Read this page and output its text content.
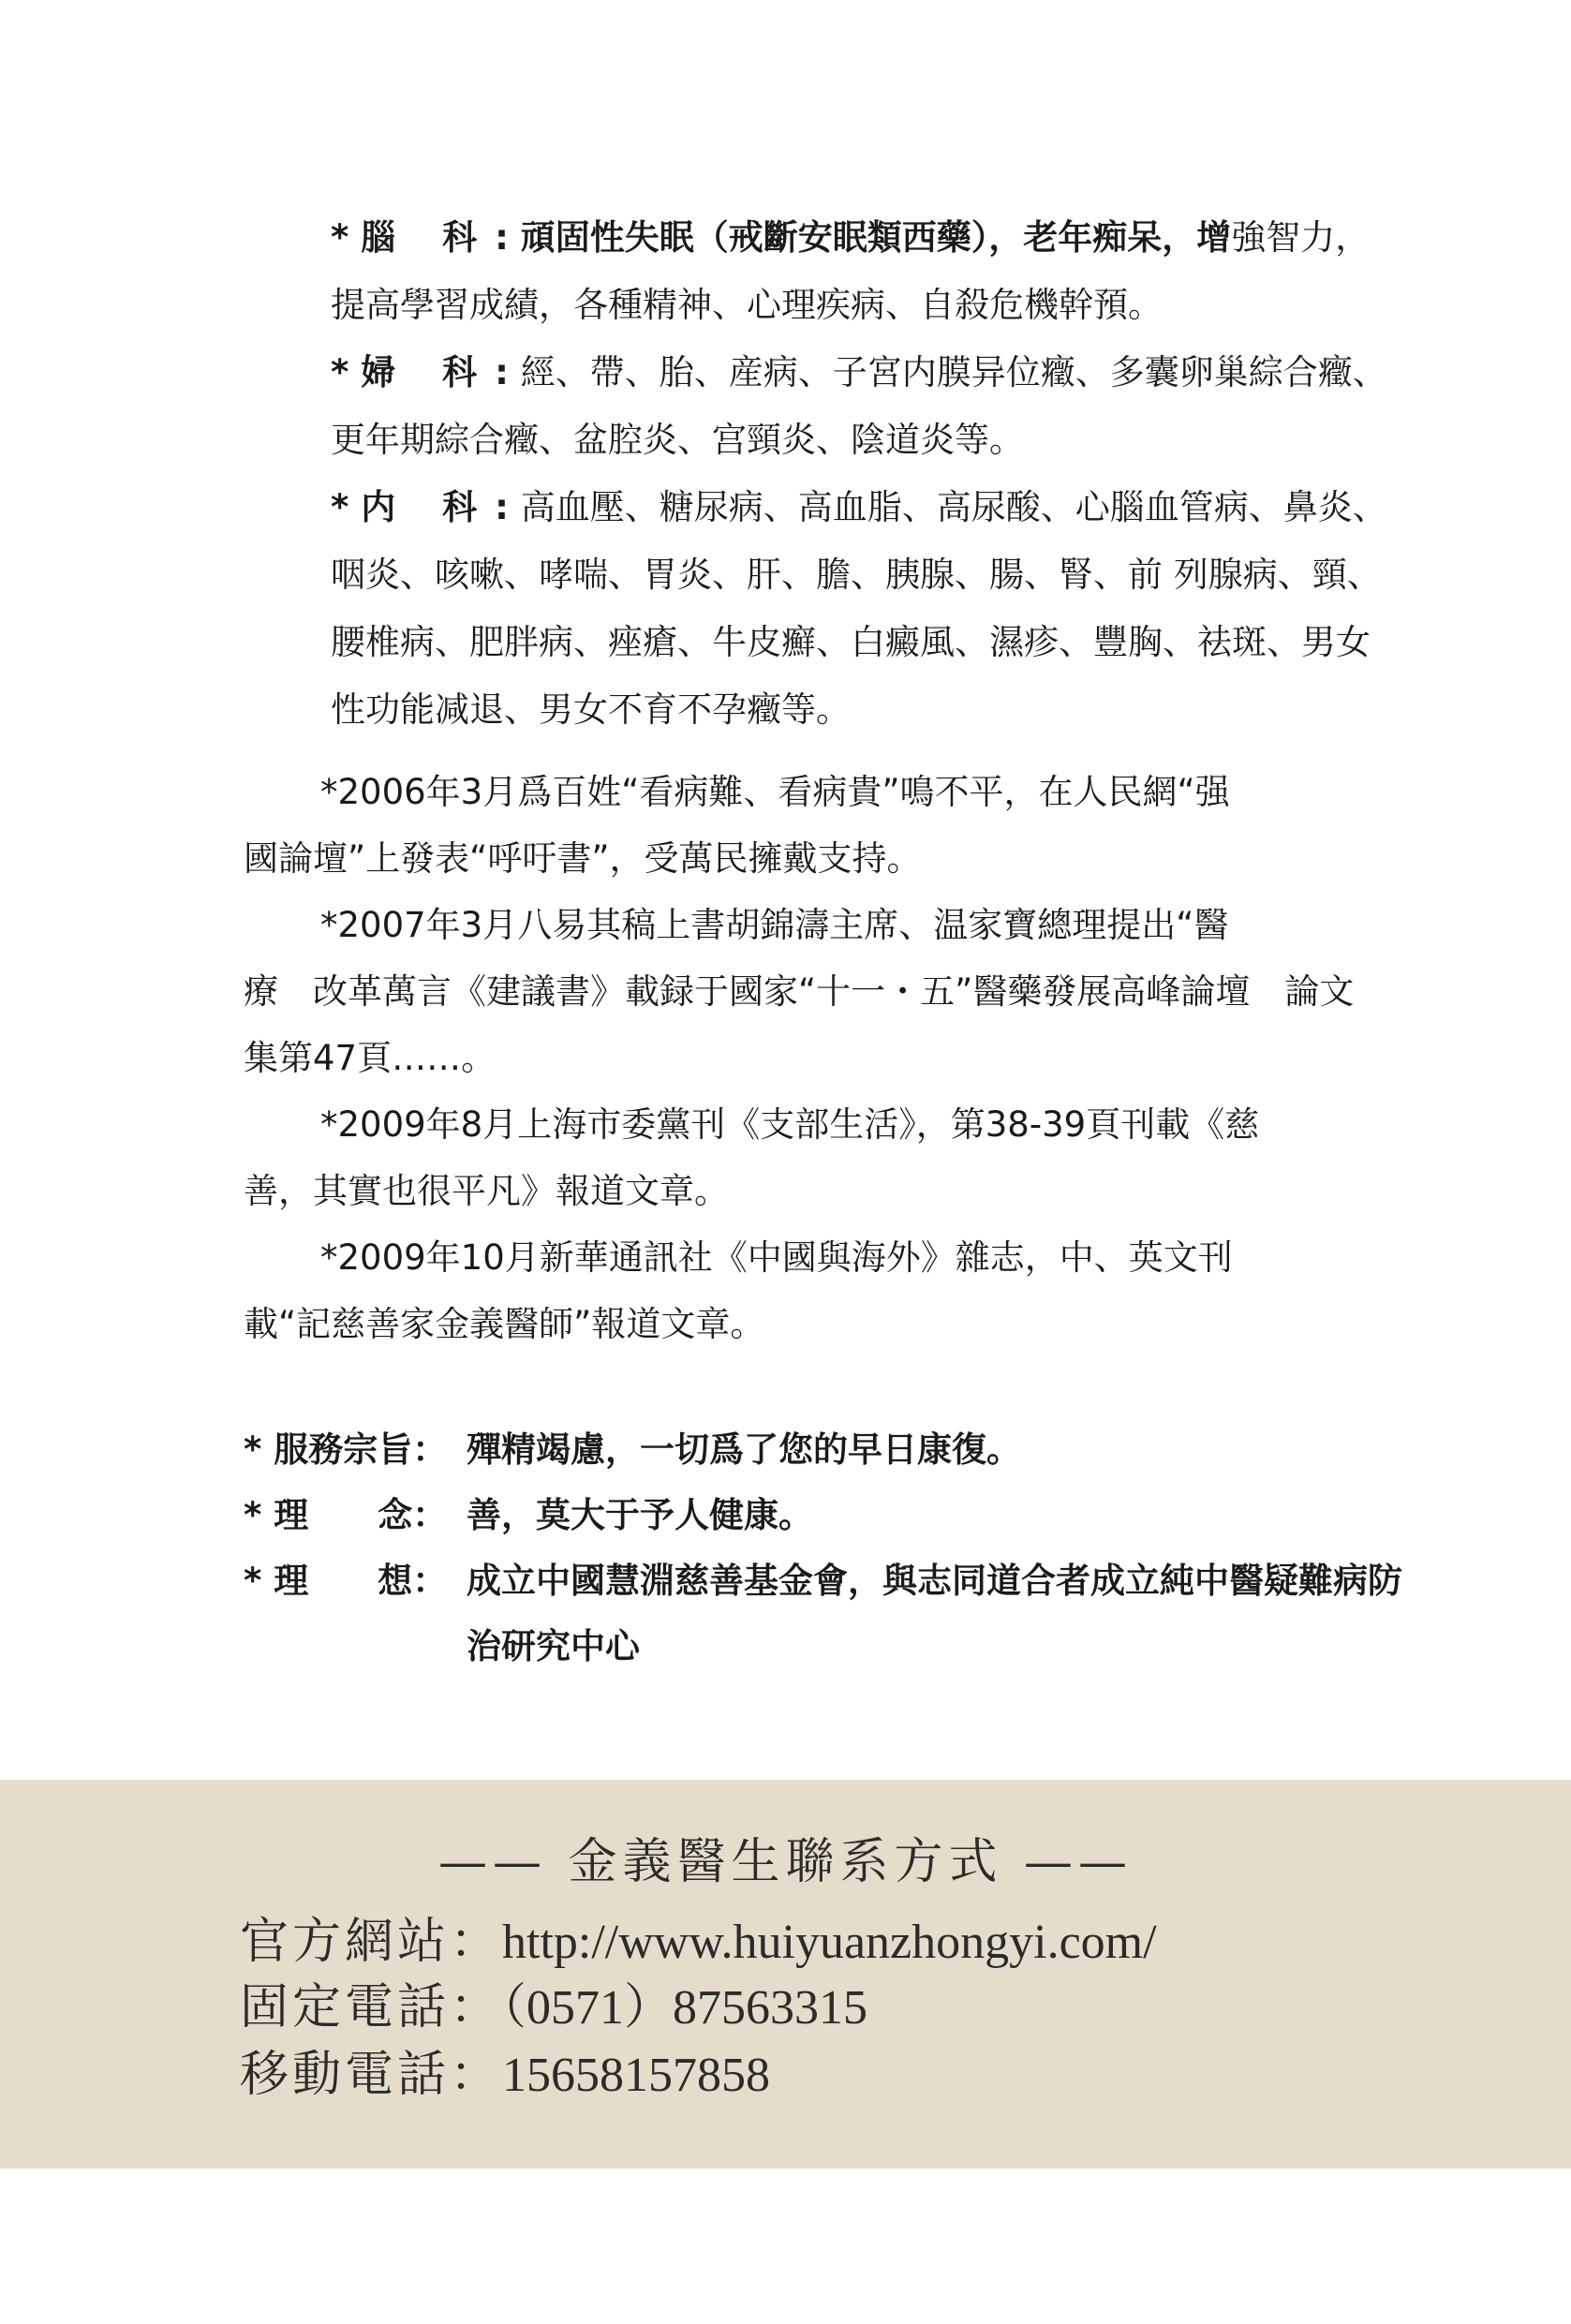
* 腦　 科 : 頑固性失眠（戒斷安眠類西藥），老年痴呆，增強智力，提高學習成績，各種精神、心理疾病、自殺危機幹預。
* 婦　 科 : 經、帶、胎、産病、子宮内膜异位癥、多囊卵巢綜合癥、更年期綜合癥、盆腔炎、宫頸炎、陰道炎等。
* 内　 科 : 高血壓、糖尿病、高血脂、高尿酸、心腦血管病、鼻炎、咽炎、咳嗽、哮喘、胃炎、肝、膽、胰腺、腸、腎、前 列腺病、頸、腰椎病、肥胖病、痤瘡、牛皮癬、白癜風、濕疹、豐胸、祛斑、男女性功能减退、男女不育不孕癥等。
*2006年3月爲百姓“看病難、看病貴”鳴不平，在人民網“强
國論壇”上發表“呼吁書”，受萬民擁戴支持。
*2007年3月八易其稿上書胡錦濤主席、温家寶總理提出“醫
療　改革萬言《建議書》載録于國家“十一・五”醫藥發展高峰論壇　論文集第47頁……。
*2009年8月上海市委黨刊《支部生活》，第38-39頁刊載《慈
善，其實也很平凡》報道文章。
*2009年10月新華通訊社《中國與海外》雜志，中、英文刊
載“記慈善家金義醫師”報道文章。
* 服務宗旨： 殫精竭慮，一切爲了您的早日康復。
* 理　　念： 善，莫大于予人健康。
* 理　　想： 成立中國慧淵慈善基金會，與志同道合者成立純中醫疑難病防治研究中心
—— 金義醫生聯系方式 ——
官方網站：http://www.huiyuanzhongyi.com/
固定電話：（0571）87563315
移動電話：15658157858
